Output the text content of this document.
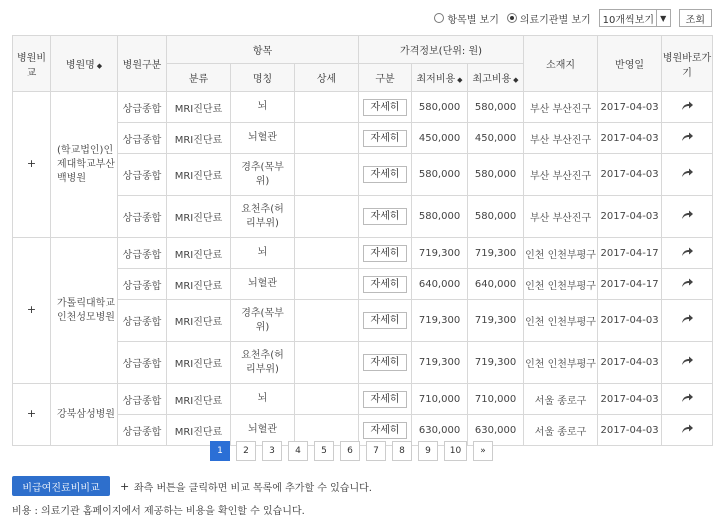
항목별 보기 의료기관별 보기 10개씩보기 ▼	조회
병원비교	병원명 ◆	병원구분	항목			가격정보(단위: 원)			소재지	반영일	병원바로가기
			분류	명칭	상세	구분	최저비용 ◆	최고비용 ◆			
+	(학교법인)인제대학교부산백병원	상급종합	MRI진단료	뇌		자세히	580,000	580,000	부산 부산진구	2017-04-03	
		상급종합	MRI진단료	뇌혈관		자세히	450,000	450,000	부산 부산진구	2017-04-03	
		상급종합	MRI진단료	경추(목부위)		자세히	580,000	580,000	부산 부산진구	2017-04-03	
		상급종합	MRI진단료	요천추(허리부위)		자세히	580,000	580,000	부산 부산진구	2017-04-03	
+	가톨릭대학교인천성모병원	상급종합	MRI진단료	뇌		자세히	719,300	719,300	인천 인천부평구	2017-04-17	
		상급종합	MRI진단료	뇌혈관		자세히	640,000	640,000	인천 인천부평구	2017-04-17	
		상급종합	MRI진단료	경추(목부위)		자세히	719,300	719,300	인천 인천부평구	2017-04-03	
		상급종합	MRI진단료	요천추(허리부위)		자세히	719,300	719,300	인천 인천부평구	2017-04-03	
+	강북삼성병원	상급종합	MRI진단료	뇌		자세히	710,000	710,000	서울 종로구	2017-04-03	
		상급종합	MRI진단료	뇌혈관		자세히	630,000	630,000	서울 종로구	2017-04-03	
1	2	3	4	5	6	7	8	9	10	»
비급여진료비비교	+ 좌측 버튼을 클릭하면 비교 목록에 추가할 수 있습니다.
비용 : 의료기관 홈페이지에서 제공하는 비용을 확인할 수 있습니다.
